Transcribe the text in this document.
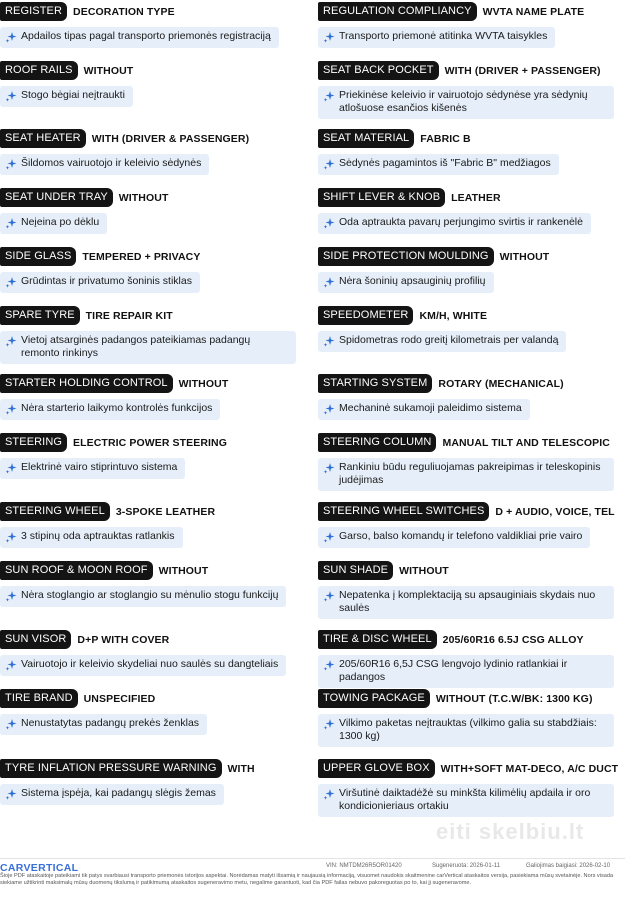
REGISTER	DECORATION TYPE
Apdailos tipas pagal transporto priemonės registraciją
REGULATION COMPLIANCY	WVTA NAME PLATE
Transporto priemonė atitinka WVTA taisykles
ROOF RAILS	WITHOUT
Stogo bėgiai neįtraukti
SEAT BACK POCKET	WITH (DRIVER + PASSENGER)
Priekinėse keleivio ir vairuotojo sėdynėse yra sėdynių atlošuose esančios kišenės
SEAT HEATER	WITH (DRIVER & PASSENGER)
Šildomos vairuotojo ir keleivio sėdynės
SEAT MATERIAL	FABRIC B
Sėdynės pagamintos iš "Fabric B" medžiagos
SEAT UNDER TRAY	WITHOUT
Neįeina po dėklu
SHIFT LEVER & KNOB	LEATHER
Oda aptraukta pavarų perjungimo svirtis ir rankenėlė
SIDE GLASS	TEMPERED + PRIVACY
Grūdintas ir privatumo šoninis stiklas
SIDE PROTECTION MOULDING	WITHOUT
Nėra šoninių apsauginių profilių
SPARE TYRE	TIRE REPAIR KIT
Vietoj atsarginės padangos pateikiamas padangų remonto rinkinys
SPEEDOMETER	KM/H, WHITE
Spidometras rodo greitį kilometrais per valandą
STARTER HOLDING CONTROL	WITHOUT
Nėra starterio laikymo kontrolės funkcijos
STARTING SYSTEM	ROTARY (MECHANICAL)
Mechaninė sukamoji paleidimo sistema
STEERING	ELECTRIC POWER STEERING
Elektrinė vairo stiprintuvo sistema
STEERING COLUMN	MANUAL TILT AND TELESCOPIC
Rankiniu būdu reguliuojamas pakreipimas ir teleskopinis judėjimas
STEERING WHEEL	3-SPOKE LEATHER
3 stipinų oda aptrauktas ratlankis
STEERING WHEEL SWITCHES	D + AUDIO, VOICE, TEL
Garso, balso komandų ir telefono valdikliai prie vairo
SUN ROOF & MOON ROOF	WITHOUT
Nėra stoglangio ar stoglangio su mėnulio stogu funkcijų
SUN SHADE	WITHOUT
Nepatenka į komplektaciją su apsauginiais skydais nuo saulės
SUN VISOR	D+P WITH COVER
Vairuotojo ir keleivio skydeliai nuo saulės su dangteliais
TIRE & DISC WHEEL	205/60R16 6.5J CSG ALLOY
205/60R16 6,5J CSG lengvojo lydinio ratlankiai ir padangos
TIRE BRAND	UNSPECIFIED
Nenustatytas padangų prekės ženklas
TOWING PACKAGE	WITHOUT (T.C.W/BK: 1300 KG)
Vilkimo paketas neįtrauktas (vilkimo galia su stabdžiais: 1300 kg)
TYRE INFLATION PRESSURE WARNING	WITH
Sistema įspėja, kai padangų slėgis žemas
UPPER GLOVE BOX	WITH+SOFT MAT-DECO, A/C DUCT
Viršutinė daiktadėžė su minkšta kilimėlių apdaila ir oro kondicionieriaus ortakiu
eiti skelbiu.lt
CARVERTICAL	VIN: NMTDM26R5OR01420	Sugeneruota: 2026-01-11	Galiojimas baigiasi: 2026-02-10
Šioje PDF ataskaitoje pateikiami tik patys svarbiausi transporto priemonės istorijos aspektai. Norėdamas matyti išsamią ir naujausią informaciją, visuomet naudokis skaitmenine carVertical ataskaitos versija, pasiekiama mūsų svetainėje. Nors visada siekiame užtikrinti maksimalų mūsų duomenų tikslumą ir patikimumą ataskaitos sugeneravimo metu, negalime garantuoti, kad čia PDF failas nebuvo pakoreguotas po to, kai jį sugeneravome.
